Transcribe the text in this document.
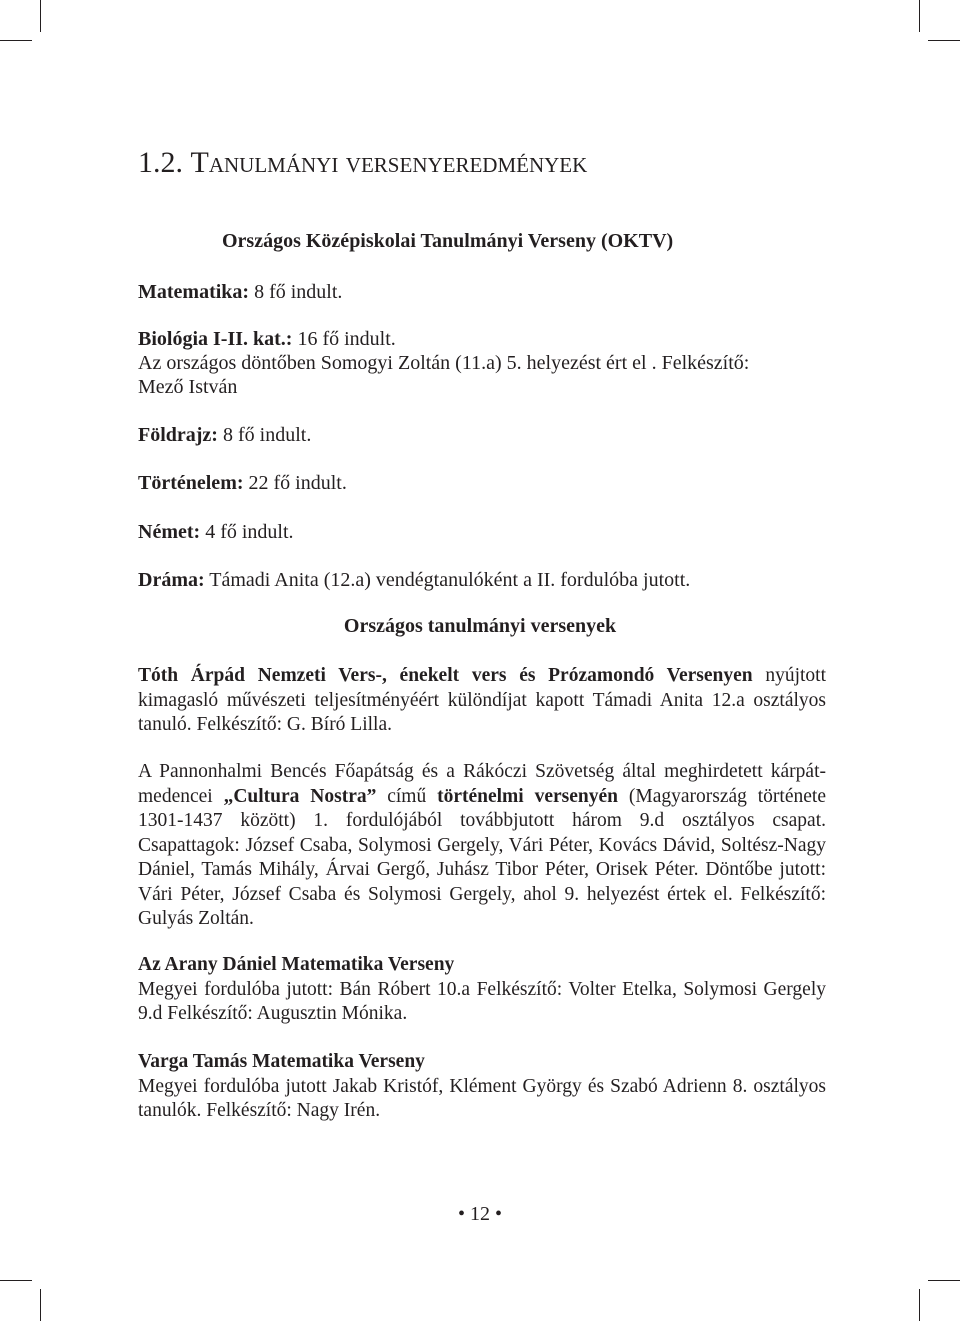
1.2. Tanulmányi versenyeredmények
Országos Középiskolai Tanulmányi Verseny (OKTV)
Matematika: 8 fő indult.
Biológia I-II. kat.: 16 fő indult.
Az országos döntőben Somogyi Zoltán (11.a) 5. helyezést ért el . Felkészítő:
Mező István
Földrajz: 8 fő indult.
Történelem: 22 fő indult.
Német: 4 fő indult.
Dráma: Támadi Anita (12.a) vendégtanulóként a II. fordulóba jutott.
Országos tanulmányi versenyek
Tóth Árpád Nemzeti Vers-, énekelt vers és Prózamondó Versenyen nyújtott kimagasló művészeti teljesítményéért különdíjat kapott Támadi Anita 12.a osztályos tanuló. Felkészítő: G. Bíró Lilla.
A Pannonhalmi Bencés Főapátság és a Rákóczi Szövetség által meghirdetett kárpát-medencei „Cultura Nostra” című történelmi versenyén (Magyarország története 1301-1437 között) 1. fordulójából továbbjutott három 9.d osztályos csapat. Csapattagok: József Csaba, Solymosi Gergely, Vári Péter, Kovács Dávid, Soltész-Nagy Dániel, Tamás Mihály, Árvai Gergő, Juhász Tibor Péter, Orisek Péter. Döntőbe jutott: Vári Péter, József Csaba és Solymosi Gergely, ahol 9. helyezést értek el. Felkészítő: Gulyás Zoltán.
Az Arany Dániel Matematika Verseny
Megyei fordulóba jutott: Bán Róbert 10.a Felkészítő: Volter Etelka, Solymosi Gergely 9.d Felkészítő: Augusztin Mónika.
Varga Tamás Matematika Verseny
Megyei fordulóba jutott Jakab Kristóf, Klément György és Szabó Adrienn 8. osztályos tanulók. Felkészítő: Nagy Irén.
• 12 •
